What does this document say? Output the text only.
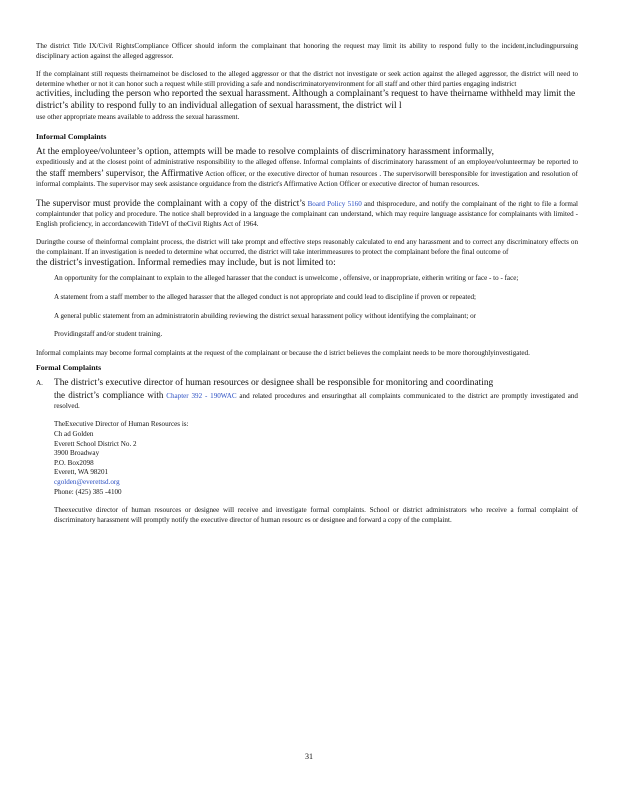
The district Title IX/Civil RightsCompliance Officer should inform the complainant that honoring the request may limit its ability to respond fully to the incident,includingpursuing disciplinary action against the alleged aggressor.

If the complainant still requests theirnameinot be disclosed to the alleged aggressor or that the district not investigate or seek action against the alleged aggressor, the district will need to determine whether or not it can honor such a request while still providing a safe and nondiscriminatoryenvironment for all staff and other third parties engaging indistrict

activities, including the person who reported the sexual harassment. Although a complainant’s request to have theirname withheld may limit the district’s ability to respond fully to an individual allegation of sexual harassment, the district wil l

use other appropriate means available to address the sexual harassment.

Informal Complaints

At the employee/volunteer’s option, attempts will be made to resolve complaints of discriminatory harassment informally,

expeditiously and at the closest point of administrative responsibility to the alleged offense. Informal complaints of discriminatory harassment of an employee/volunteermay be reported to the staff members’ supervisor, the Affirmative Action officer, or the executive director of human resources . The supervisorwill beresponsible for investigation and resolution of informal complaints. The supervisor may seek assistance orguidance from the district's Affirmative Action Officer or executive director of human resources.

The supervisor must provide the complainant with a copy of the district’s Board Policy 5160 and thisprocedure, and notify the complainant of the right to file a formal complaintunder that policy and procedure. The notice shall beprovided in a language the complainant can understand, which may require language assistance for complainants with limited - English proficiency, in accordancewith TitleVI of theCivil Rights Act of 1964.

Duringthe course of theinformal complaint process, the district will take prompt and effective steps reasonably calculated to end any harassment and to correct any discriminatory effects on the complainant. If an investigation is needed to determine what occurred, the district will take interimmeasures to protect the complainant before the final outcome of

the district’s investigation. Informal remedies may include, but is not limited to:

An opportunity for the complainant to explain to the alleged harasser that the conduct is unwelcome , offensive, or inappropriate, eitherin writing or face - to - face;
A statement from a staff member to the alleged harasser that the alleged conduct is not appropriate and could lead to discipline if proven or repeated;
A general public statement from an administratorin abuilding reviewing the district sexual harassment policy without identifying the complainant; or
Providingstaff and/or student training.

Informal complaints may become formal complaints at the request of the complainant or because the d istrict believes the complaint needs to be more thoroughlyinvestigated.

Formal Complaints

A. The district’s executive director of human resources or designee shall be responsible for monitoring and coordinating

the district’s compliance with Chapter 392 - 190WAC and related procedures and ensuringthat all complaints communicated to the district are promptly investigated and resolved.

TheExecutive Director of Human Resources is:

Ch ad Golden

Everett School District No. 2

3900 Broadway

P.O. Box2098

Everett, WA 98201

cgolden@everettsd.org

Phone: (425) 385 -4100

Theexecutive director of human resources or designee will receive and investigate formal complaints. School or district administrators who receive a formal complaint of discriminatory harassment will promptly notify the executive director of human resourc es or designee and forward a copy of the complaint.

31
